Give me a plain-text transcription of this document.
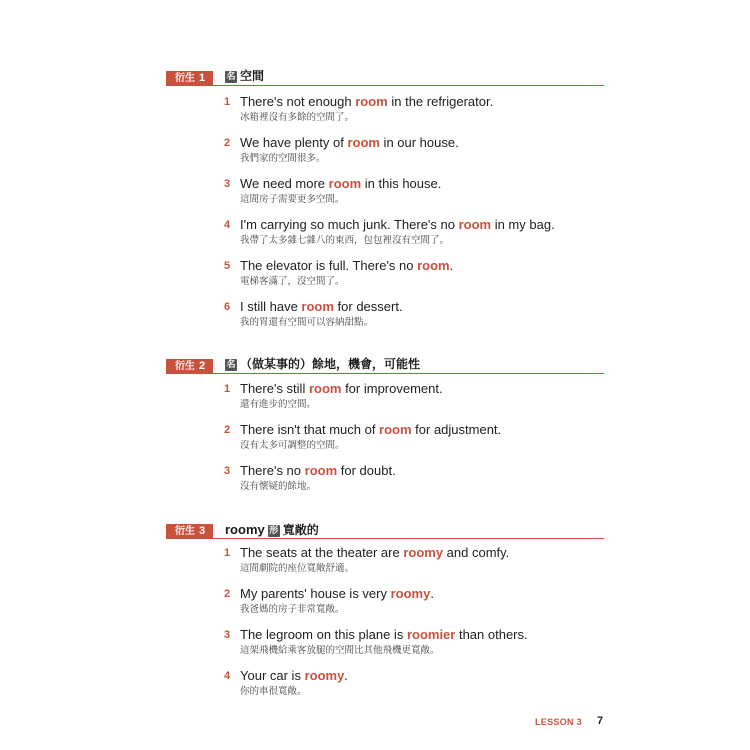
衍生 1	名 空間
1 There's not enough room in the refrigerator.
冰箱裡沒有多餘的空間了。
2 We have plenty of room in our house.
我們家的空間很多。
3 We need more room in this house.
這間房子需要更多空間。
4 I'm carrying so much junk. There's no room in my bag.
我帶了太多雜七雜八的東西，包包裡沒有空間了。
5 The elevator is full. There's no room.
電梯客滿了，沒空間了。
6 I still have room for dessert.
我的胃還有空間可以容納甜點。
衍生 2	名 （做某事的）餘地，機會，可能性
1 There's still room for improvement.
還有進步的空間。
2 There isn't that much of room for adjustment.
沒有太多可調整的空間。
3 There's no room for doubt.
沒有懷疑的餘地。
衍生 3	roomy 形 寬敞的
1 The seats at the theater are roomy and comfy.
這間劇院的座位寬敞舒適。
2 My parents' house is very roomy.
我爸媽的房子非常寬敞。
3 The legroom on this plane is roomier than others.
這架飛機給乘客放腿的空間比其他飛機更寬敞。
4 Your car is roomy.
你的車很寬敞。
LESSON 3 7
